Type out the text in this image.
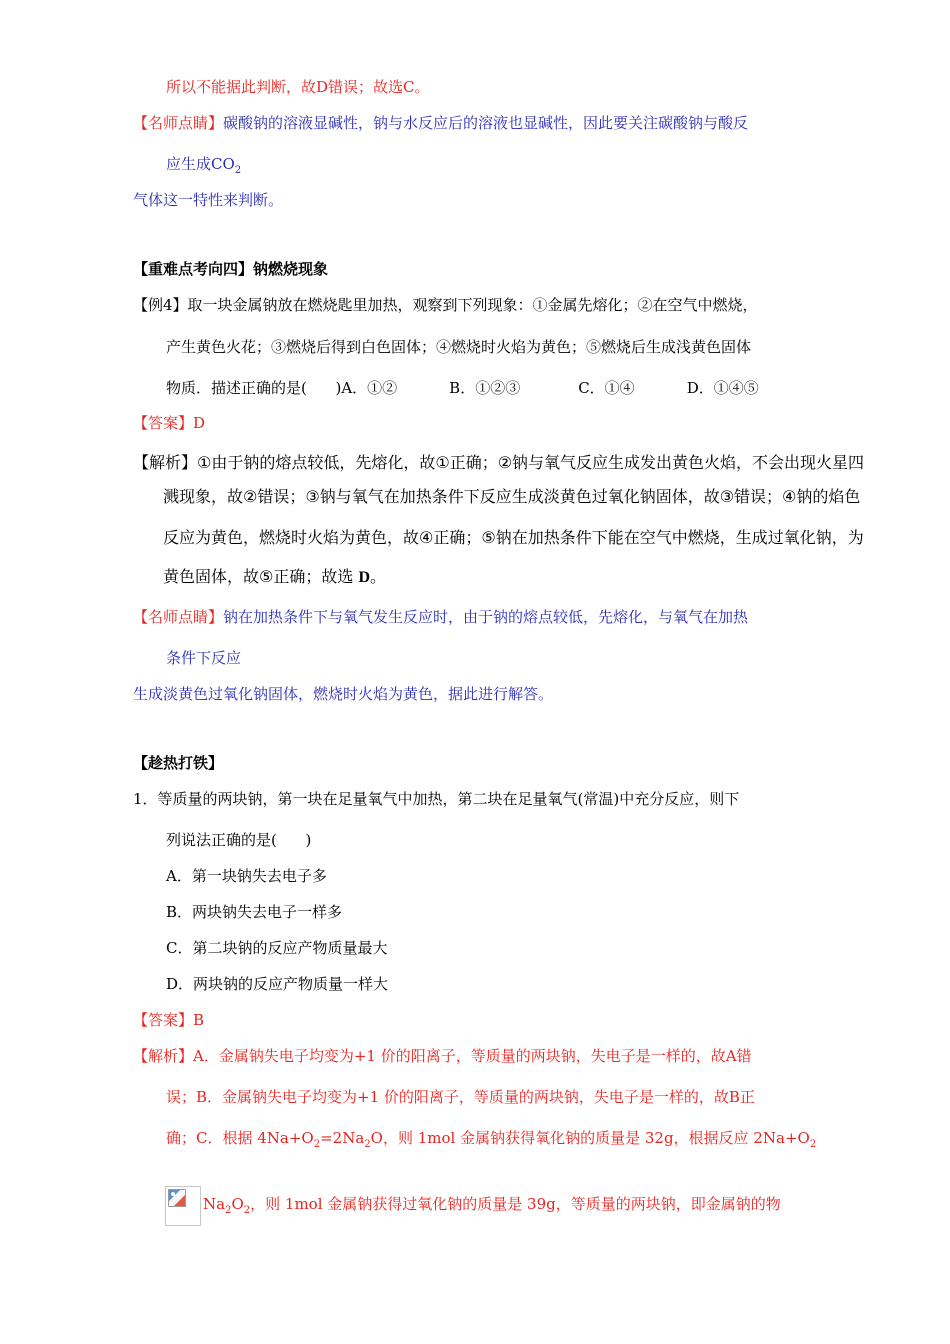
所以不能据此判断，故D错误；故选C。
【名师点睛】碳酸钠的溶液显碱性，钠与水反应后的溶液也显碱性，因此要关注碳酸钠与酸反
应生成$CO_2$
气体这一特性来判断。
【重难点考向四】钠燃烧现象
【例4】取一块金属钠放在燃烧匙里加热，观察到下列现象：①金属先熔化；②在空气中燃烧，
产生黄色火花；③燃烧后得到白色固体；④燃烧时火焰为黄色；⑤燃烧后生成浅黄色固体
物质．描述正确的是(      )A．①②	B．①②③	C．①④	D．①④⑤
【答案】D
【解析】①由于钠的熔点较低，先熔化，故①正确；②钠与氧气反应生成发出黄色火焰，不会出现火星四
溅现象，故②错误；③钠与氧气在加热条件下反应生成淡黄色过氧化钠固体，故③错误；④钠的焰色
反应为黄色，燃烧时火焰为黄色，故④正确；⑤钠在加热条件下能在空气中燃烧，生成过氧化钠，为
黄色固体，故⑤正确；故选 D。
【名师点睛】钠在加热条件下与氧气发生反应时，由于钠的熔点较低，先熔化，与氧气在加热
条件下反应
生成淡黄色过氧化钠固体，燃烧时火焰为黄色，据此进行解答。
【趁热打铁】
1．等质量的两块钠，第一块在足量氧气中加热，第二块在足量氧气(常温)中充分反应，则下
列说法正确的是(      )
A．第一块钠失去电子多
B．两块钠失去电子一样多
C．第二块钠的反应产物质量最大
D．两块钠的反应产物质量一样大
【答案】B
【解析】A．金属钠失电子均变为+1 价的阳离子，等质量的两块钠，失电子是一样的，故A错
误；B．金属钠失电子均变为+1 价的阳离子，等质量的两块钠，失电子是一样的，故B正
确；C．根据 $4Na+O_2=2Na_2O$，则 1mol 金属钠获得氧化钠的质量是 32g，根据反应 $2Na+O_2$
$Na_2O_2$，则 1mol 金属钠获得过氧化钠的质量是 39g，等质量的两块钠，即金属钠的物
